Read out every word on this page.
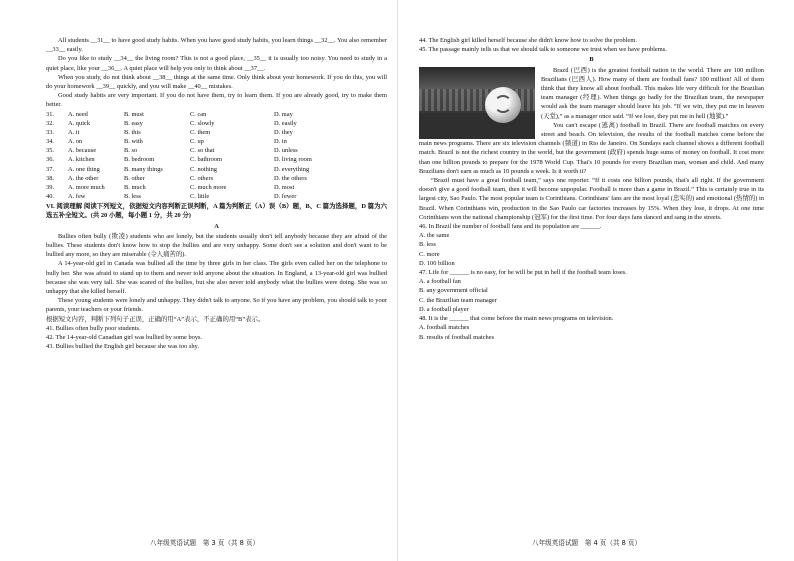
All students __31__ to have good study habits. When you have good study habits, you learn things __32__. You also remember __33__ easily.

Do you like to study __34__ the living room? This is not a good place, __35__ it is usually too noisy. You need to study in a quiet place, like your __36__. A quiet place will help you only to think about __37__.

When you study, do not think about __38__ things at the same time. Only think about your homework. If you do this, you will do your homework __39__ quickly, and you will make __40__ mistakes.

Good study habits are very important. If you do not have them, try to learn them. If you are already good, try to make them better.

31.	A. need	B. must	C. can	D. may
32.	A. quick	B. easy	C. slowly	D. easily
33.	A. it	B. this	C. them	D. they
34.	A. on	B. with	C. up	D. in
35.	A. because	B. so	C. so that	D. unless
36.	A. kitchen	B. bedroom	C. bathroom	D. living room
37.	A. one thing	B. many things	C. nothing	D. everything
38.	A. the other	B. other	C. others	D. the others
39.	A. more much	B. much	C. much more	D. most
40.	A. few	B. less	C. little	D. fewer

VI. 阅读理解 阅读下列短文，依据短文内容判断正误判断，A 篇为判断正（A）误（B）题，B、C 篇为选择题，D 篇为六选五补全短文。(共 20 小题，每小题 1 分，共 20 分)

A

Bullies often bully (欺凌) students who are lonely, but the students usually don't tell anybody because they are afraid of the bullies. These students don't know how to stop the bullies and are very unhappy. Some don't see a solution and don't want to be bullied any more, so they are miserable (令人痛苦的).

A 14-year-old girl in Canada was bullied all the time by three girls in her class. The girls even called her on the telephone to bully her. She was afraid to stand up to them and never told anyone about the situation. In England, a 13-year-old girl was bullied because she was very tall. She was scared of the bullies, but she also never told anybody what the bullies were doing. She was so unhappy that she killed herself.

These young students were lonely and unhappy. They didn't talk to anyone. So if you have any problem, you should talk to your parents, your teachers or your friends.

根据短文内容，判断下列句子正误，正确的用“A”表示，不正确的用“B”表示。

41. Bullies often bully poor students.

42. The 14-year-old Canadian girl was bullied by some boys.

43. Bullies bullied the English girl because she was too shy.

八年级英语试题　第 3 页（共 8 页）

44. The English girl killed herself because she didn't know how to solve the problem.

45. The passage mainly tells us that we should talk to someone we trust when we have problems.

B

Brazil (巴西) is the greatest football nation in the world. There are 100 million Brazilians (巴西人). How many of them are football fans? 100 million! All of them think that they know all about football. This makes life very difficult for the Brazilian team manager (经理). When things go badly for the Brazilian team, the newspaper would ask the team manager should leave his job. “If we win, they put me in heaven (天堂),” as a manager once said. “If we lose, they put me in hell (地狱).”

You can't escape (逃离) football in Brazil. There are football matches on every street and beach. On television, the results of the football matches come before the main news programs. There are six television channels (频道) in Rio de Janeiro. On Sundays each channel shows a different football match. Brazil is not the richest country in the world, but the government (政府) spends huge sums of money on football. It cost more than one billion pounds to prepare for the 1978 World Cup. That's 10 pounds for every Brazilian man, woman and child. And many Brazilians don't earn as much as 10 pounds a week. Is it worth it?

“Brazil must have a great football team,” says one reporter. “If it costs one billion pounds, that's all right. If the government doesn't give a good football team, then it will become unpopular. Football is more than a game in Brazil.” This is certainly true in its largest city, Sao Paulo. The most popular team is Corinthians. Corinthians' fans are the most loyal (忠实的) and emotional (热情的) in Brazil. When Corinthians win, production in the Sao Paulo car factories increases by 15%. When they lose, it drops. At one time Corinthians won the national championship (冠军) for the first time. For four days fans danced and sang in the streets.

46. In Brazil the number of football fans and its population are ______.

A. the same

B. less

C. more

D. 100 billion

47. Life for ______ is no easy, for he will be put in hell if the football team loses.

A. a football fan

B. any government official

C. the Brazilian team manager

D. a football player

48. It is the ______ that come before the main news programs on television.

A. football matches

B. results of football matches

八年级英语试题　第 4 页（共 8 页）
